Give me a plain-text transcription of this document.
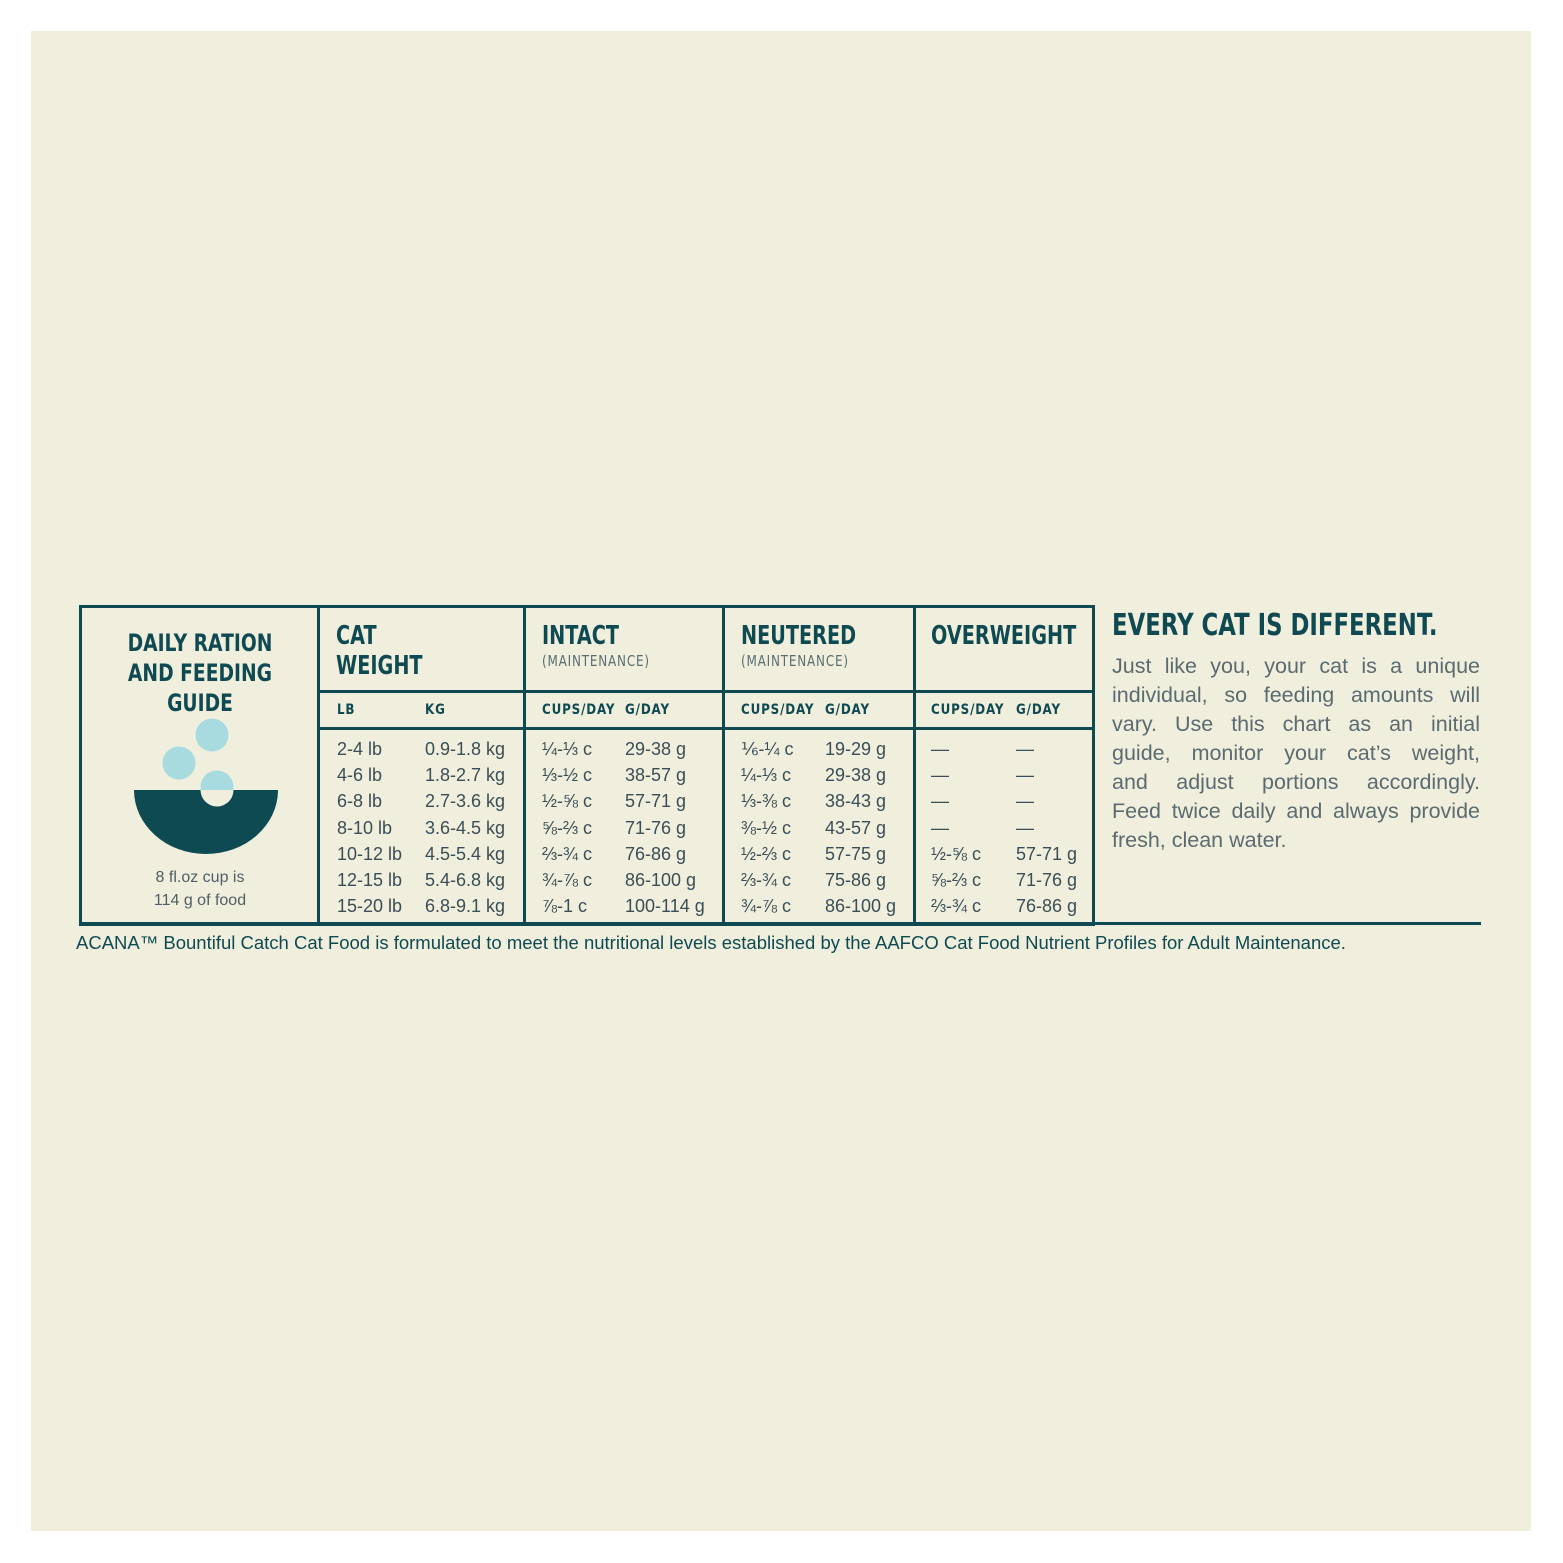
DAILY RATION
AND FEEDING GUIDE
8 fl.oz cup is
114 g of food
CAT
WEIGHT
INTACT
(MAINTENANCE)
NEUTERED
(MAINTENANCE)
OVERWEIGHT
LB	KG	CUPS/DAY G/DAY	CUPS/DAY G/DAY	CUPS/DAY G/DAY
2-4 lb 0.9-1.8 kg ¼-⅓ c 29-38 g	⅙-¼ c 19-29 g —	—
4-6 lb 1.8-2.7 kg ⅓-½ c 38-57 g	¼-⅓ c 29-38 g —	—
6-8 lb 2.7-3.6 kg ½-⅝ c 57-71 g	⅓-⅜ c 38-43 g —	—
8-10 lb 3.6-4.5 kg ⅝-⅔ c 71-76 g	⅜-½ c 43-57 g —	—
10-12 lb 4.5-5.4 kg ⅔-¾ c 76-86 g	½-⅔ c 57-75 g ½-⅝ c 57-71 g
12-15 lb 5.4-6.8 kg ¾-⅞ c 86-100 g ⅔-¾ c 75-86 g ⅝-⅔ c 71-76 g
15-20 lb 6.8-9.1 kg ⅞-1 c 100-114 g ¾-⅞ c 86-100 g ⅔-¾ c 76-86 g
EVERY CAT IS DIFFERENT.
Just like you, your cat is a unique
individual, so feeding amounts will
vary. Use this chart as an initial
guide, monitor your cat’s weight,
and adjust portions accordingly.
Feed twice daily and always provide
fresh, clean water.
ACANA™ Bountiful Catch Cat Food is formulated to meet the nutritional levels established by the AAFCO Cat Food Nutrient Profiles for Adult Maintenance.
